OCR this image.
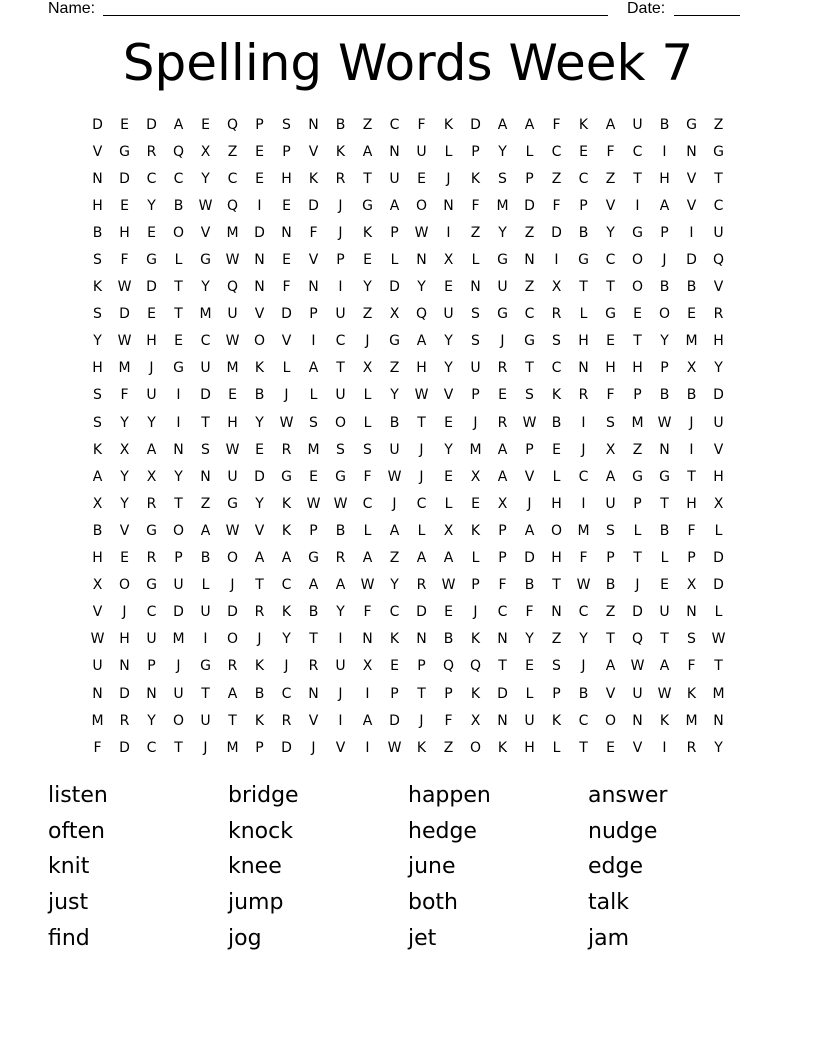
Name:	Date:
Spelling Words Week 7
D	E	D	A	E	Q	P	S	N	B	Z	C	F	K	D	A	A	F	K	A	U	B	G	Z
V	G	R	Q	X	Z	E	P	V	K	A	N	U	L	P	Y	L	C	E	F	C	I	N	G
N	D	C	C	Y	C	E	H	K	R	T	U	E	J	K	S	P	Z	C	Z	T	H	V	T
H	E	Y	B	W	Q	I	E	D	J	G	A	O	N	F	M	D	F	P	V	I	A	V	C
B	H	E	O	V	M	D	N	F	J	K	P	W	I	Z	Y	Z	D	B	Y	G	P	I	U
S	F	G	L	G	W	N	E	V	P	E	L	N	X	L	G	N	I	G	C	O	J	D	Q
K	W	D	T	Y	Q	N	F	N	I	Y	D	Y	E	N	U	Z	X	T	T	O	B	B	V
S	D	E	T	M	U	V	D	P	U	Z	X	Q	U	S	G	C	R	L	G	E	O	E	R
Y	W	H	E	C	W	O	V	I	C	J	G	A	Y	S	J	G	S	H	E	T	Y	M	H
H	M	J	G	U	M	K	L	A	T	X	Z	H	Y	U	R	T	C	N	H	H	P	X	Y
S	F	U	I	D	E	B	J	L	U	L	Y	W	V	P	E	S	K	R	F	P	B	B	D
S	Y	Y	I	T	H	Y	W	S	O	L	B	T	E	J	R	W	B	I	S	M	W	J	U
K	X	A	N	S	W	E	R	M	S	S	U	J	Y	M	A	P	E	J	X	Z	N	I	V
A	Y	X	Y	N	U	D	G	E	G	F	W	J	E	X	A	V	L	C	A	G	G	T	H
X	Y	R	T	Z	G	Y	K	W W	C	J	C	L	E	X	J	H	I	U	P	T	H	X
B	V	G	O	A	W	V	K	P	B	L	A	L	X	K	P	A	O	M	S	L	B	F	L
H	E	R	P	B	O	A	A	G	R	A	Z	A	A	L	P	D	H	F	P	T	L	P	D
X	O	G	U	L	J	T	C	A	A	W	Y	R	W	P	F	B	T	W	B	J	E	X	D
V	J	C	D	U	D	R	K	B	Y	F	C	D	E	J	C	F	N	C	Z	D	U	N	L
W	H	U	M	I	O	J	Y	T	I	N	K	N	B	K	N	Y	Z	Y	T	Q	T	S	W
U	N	P	J	G	R	K	J	R	U	X	E	P	Q	Q	T	E	S	J	A	W	A	F	T
N	D	N	U	T	A	B	C	N	J	I	P	T	P	K	D	L	P	B	V	U	W	K	M
M	R	Y	O	U	T	K	R	V	I	A	D	J	F	X	N	U	K	C	O	N	K	M	N
F	D	C	T	J	M	P	D	J	V	I	W	K	Z	O	K	H	L	T	E	V	I	R	Y
listen	bridge	happen	answer
often	knock	hedge	nudge
knit	knee	june	edge
just	jump	both	talk
find	jog	jet	jam
